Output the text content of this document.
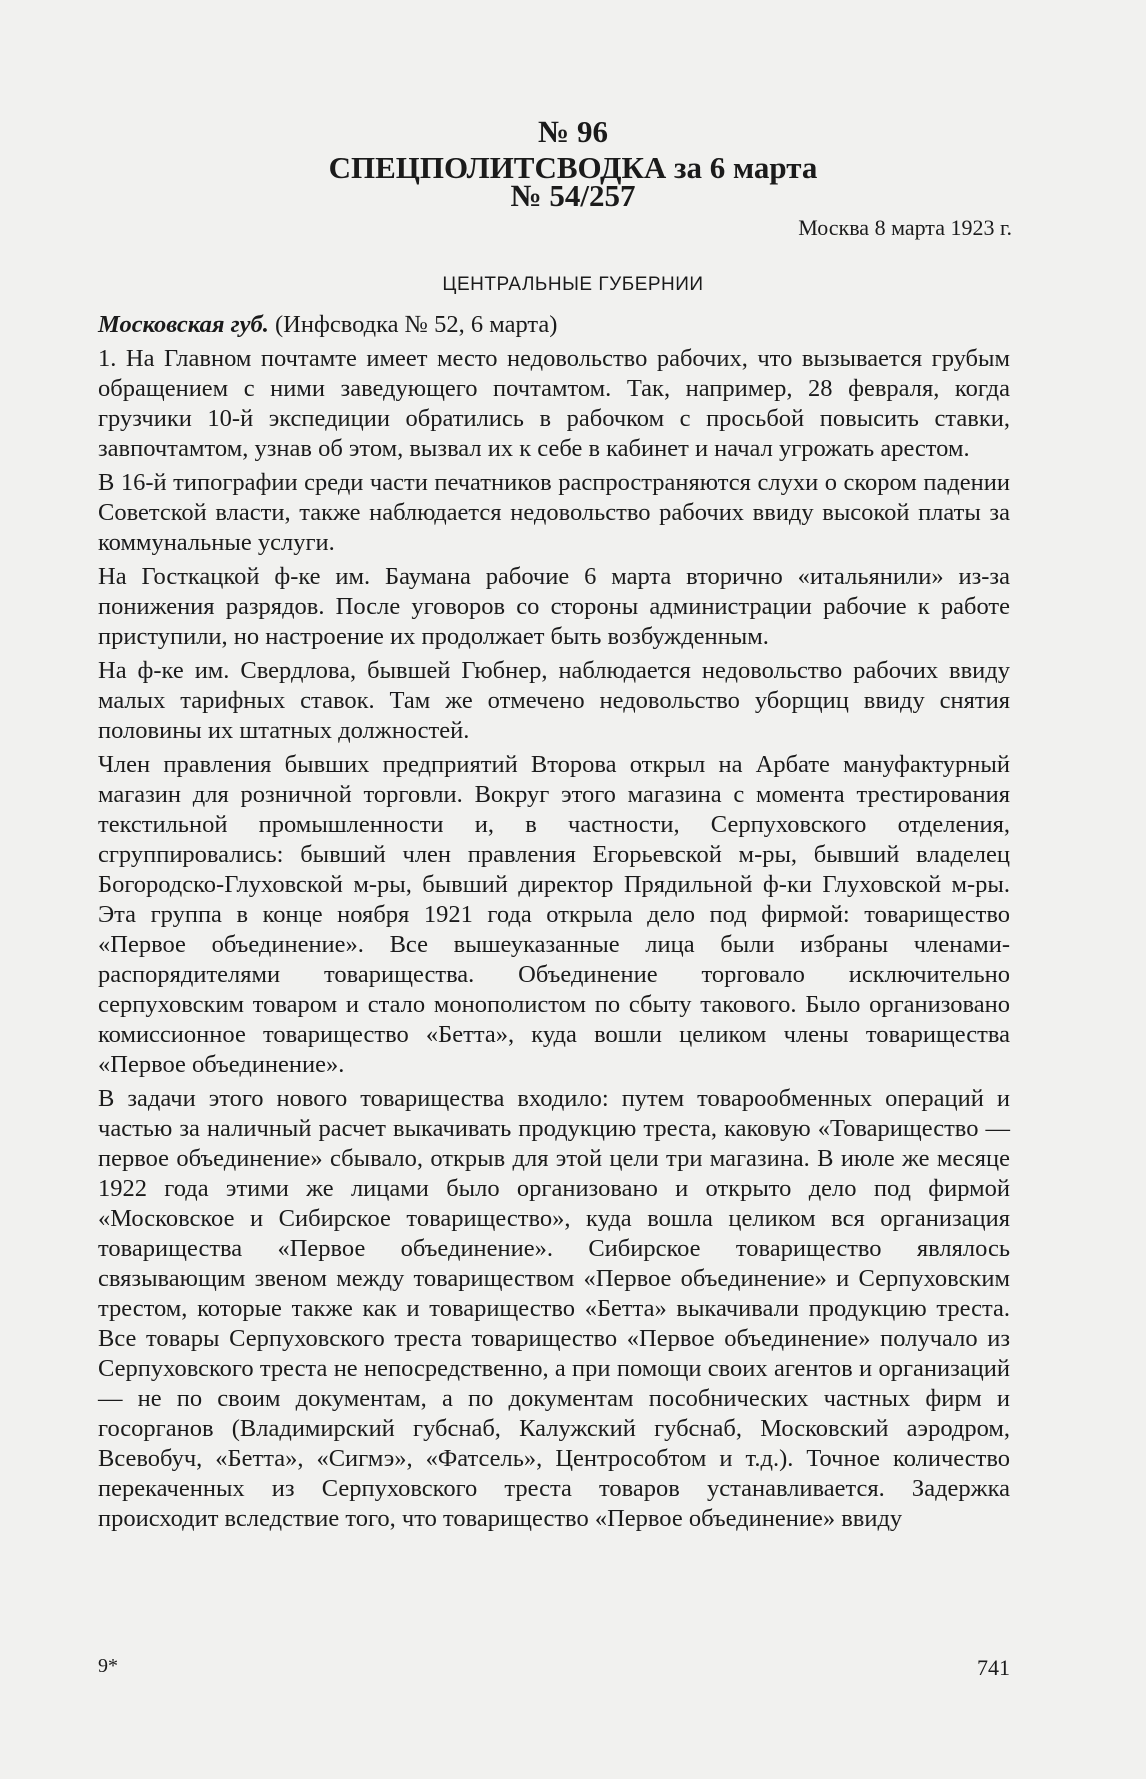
№ 96
СПЕЦПОЛИТСВОДКА за 6 марта
№ 54/257
Москва 8 марта 1923 г.
ЦЕНТРАЛЬНЫЕ ГУБЕРНИИ

Московская губ. (Инфсводка № 52, 6 марта)

1. На Главном почтамте имеет место недовольство рабочих, что вызывается грубым обращением с ними заведующего почтамтом. Так, например, 28 февраля, когда грузчики 10-й экспедиции обратились в рабочком с просьбой повысить ставки, завпочтамтом, узнав об этом, вызвал их к себе в кабинет и начал угрожать арестом.

В 16-й типографии среди части печатников распространяются слухи о скором падении Советской власти, также наблюдается недовольство рабочих ввиду высокой платы за коммунальные услуги.

На Госткацкой ф-ке им. Баумана рабочие 6 марта вторично «итальянили» из-за понижения разрядов. После уговоров со стороны администрации рабочие к работе приступили, но настроение их продолжает быть возбужденным.

На ф-ке им. Свердлова, бывшей Гюбнер, наблюдается недовольство рабочих ввиду малых тарифных ставок. Там же отмечено недовольство уборщиц ввиду снятия половины их штатных должностей.

Член правления бывших предприятий Второва открыл на Арбате мануфактурный магазин для розничной торговли. Вокруг этого магазина с момента трестирования текстильной промышленности и, в частности, Серпуховского отделения, сгруппировались: бывший член правления Егорьевской м-ры, бывший владелец Богородско-Глуховской м-ры, бывший директор Прядильной ф-ки Глуховской м-ры. Эта группа в конце ноября 1921 года открыла дело под фирмой: товарищество «Первое объединение». Все вышеуказанные лица были избраны членами-распорядителями товарищества. Объединение торговало исключительно серпуховским товаром и стало монополистом по сбыту такового. Было организовано комиссионное товарищество «Бетта», куда вошли целиком члены товарищества «Первое объединение».

В задачи этого нового товарищества входило: путем товарообменных операций и частью за наличный расчет выкачивать продукцию треста, каковую «Товарищество — первое объединение» сбывало, открыв для этой цели три магазина. В июле же месяце 1922 года этими же лицами было организовано и открыто дело под фирмой «Московское и Сибирское товарищество», куда вошла целиком вся организация товарищества «Первое объединение». Сибирское товарищество являлось связывающим звеном между товариществом «Первое объединение» и Серпуховским трестом, которые также как и товарищество «Бетта» выкачивали продукцию треста. Все товары Серпуховского треста товарищество «Первое объединение» получало из Серпуховского треста не непосредственно, а при помощи своих агентов и организаций — не по своим документам, а по документам пособнических частных фирм и госорганов (Владимирский губснаб, Калужский губснаб, Московский аэродром, Всевобуч, «Бетта», «Сигмэ», «Фатсель», Центрособтом и т.д.). Точное количество перекаченных из Серпуховского треста товаров устанавливается. Задержка происходит вследствие того, что товарищество «Первое объединение» ввиду

9*	741
